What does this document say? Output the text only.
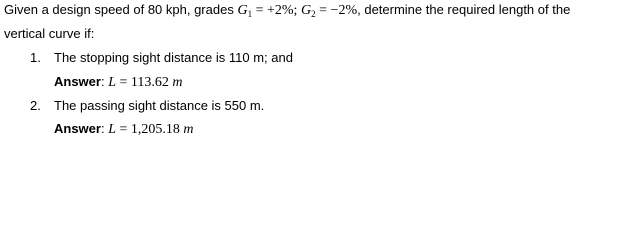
Given a design speed of 80 kph, grades $G_1 = +2\%$; $G_2 = -2\%$, determine the required length of the
vertical curve if:
1. The stopping sight distance is 110 m; and
Answer: L = 113.62 m
2. The passing sight distance is 550 m.
Answer: L = 1,205.18 m
